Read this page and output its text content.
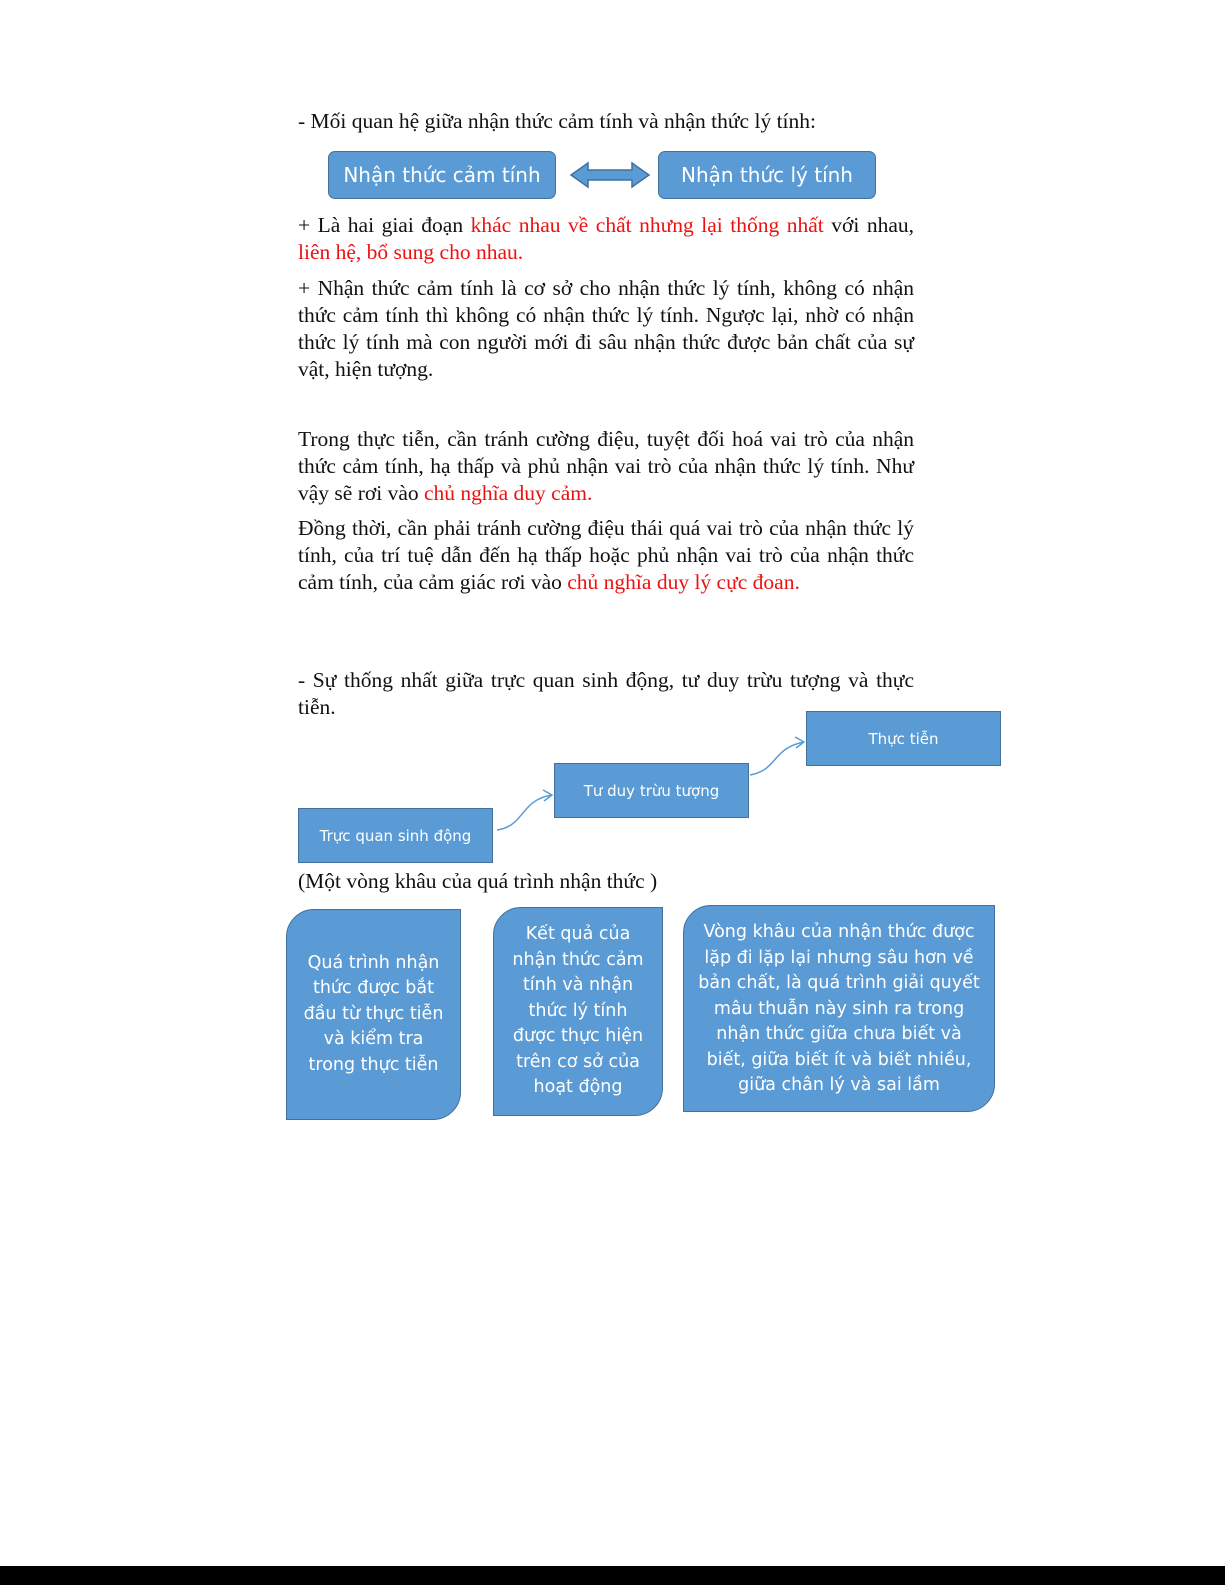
- Mối quan hệ giữa nhận thức cảm tính và nhận thức lý tính:
Nhận thức cảm tính	Nhận thức lý tính
+ Là hai giai đoạn khác nhau về chất nhưng lại thống nhất với nhau, liên hệ, bổ sung cho nhau.
+ Nhận thức cảm tính là cơ sở cho nhận thức lý tính, không có nhận thức cảm tính thì không có nhận thức lý tính. Ngược lại, nhờ có nhận thức lý tính mà con người mới đi sâu nhận thức được bản chất của sự vật, hiện tượng.
Trong thực tiễn, cần tránh cường điệu, tuyệt đối hoá vai trò của nhận thức cảm tính, hạ thấp và phủ nhận vai trò của nhận thức lý tính. Như vậy sẽ rơi vào chủ nghĩa duy cảm.
Đồng thời, cần phải tránh cường điệu thái quá vai trò của nhận thức lý tính, của trí tuệ dẫn đến hạ thấp hoặc phủ nhận vai trò của nhận thức cảm tính, của cảm giác rơi vào chủ nghĩa duy lý cực đoan.
- Sự thống nhất giữa trực quan sinh động, tư duy trừu tượng và thực tiễn.
Trực quan sinh động
Tư duy trừu tượng
Thực tiễn
(Một vòng khâu của quá trình nhận thức )
Quá trình nhận thức được bắt đầu từ thực tiễn và kiểm tra trong thực tiễn
Kết quả của nhận thức cảm tính và nhận thức lý tính được thực hiện trên cơ sở của hoạt động
Vòng khâu của nhận thức được lặp đi lặp lại nhưng sâu hơn về bản chất, là quá trình giải quyết mâu thuẫn này sinh ra trong nhận thức giữa chưa biết và biết, giữa biết ít và biết nhiều, giữa chân lý và sai lầm
